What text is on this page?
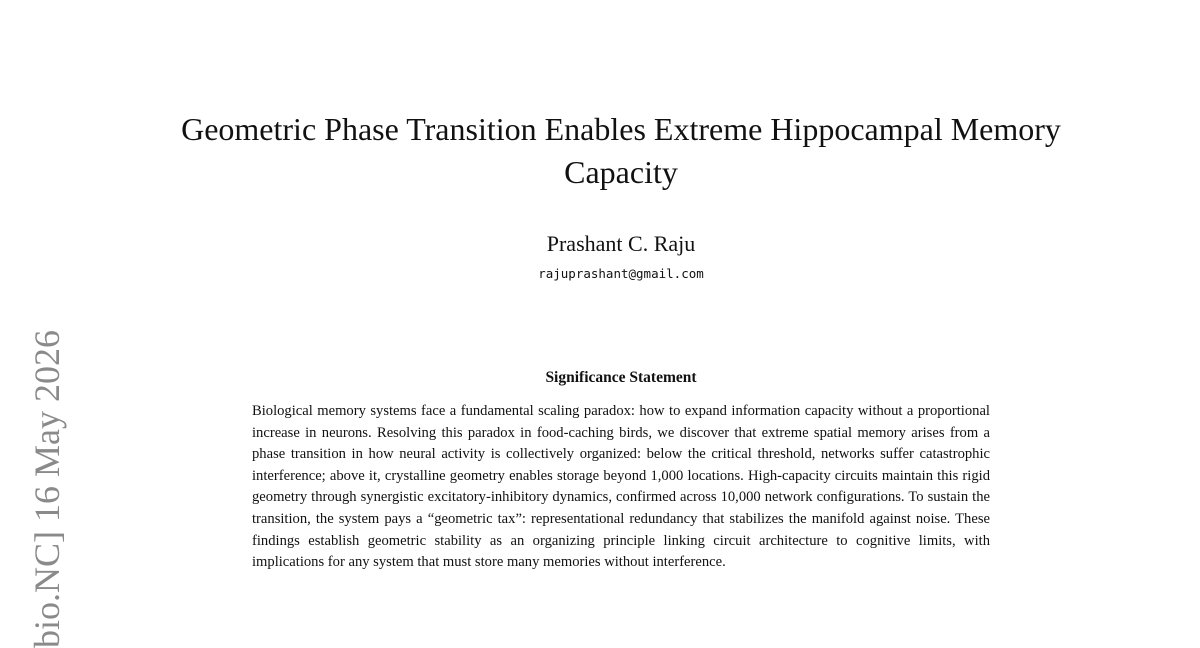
Geometric Phase Transition Enables Extreme Hippocampal Memory Capacity
Prashant C. Raju
rajuprashant@gmail.com
Significance Statement

Biological memory systems face a fundamental scaling paradox: how to expand information capacity without a proportional increase in neurons. Resolving this paradox in food-caching birds, we discover that extreme spatial memory arises from a phase transition in how neural activity is collectively organized: below the critical threshold, networks suffer catastrophic interference; above it, crystalline geometry enables storage beyond 1,000 locations. High-capacity circuits maintain this rigid geometry through synergistic excitatory-inhibitory dynamics, confirmed across 10,000 network configurations. To sustain the transition, the system pays a “geometric tax”: representational redundancy that stabilizes the manifold against noise. These findings establish geometric stability as an organizing principle linking circuit architecture to cognitive limits, with implications for any system that must store many memories without interference.

bio.NC] 16 May 2026
